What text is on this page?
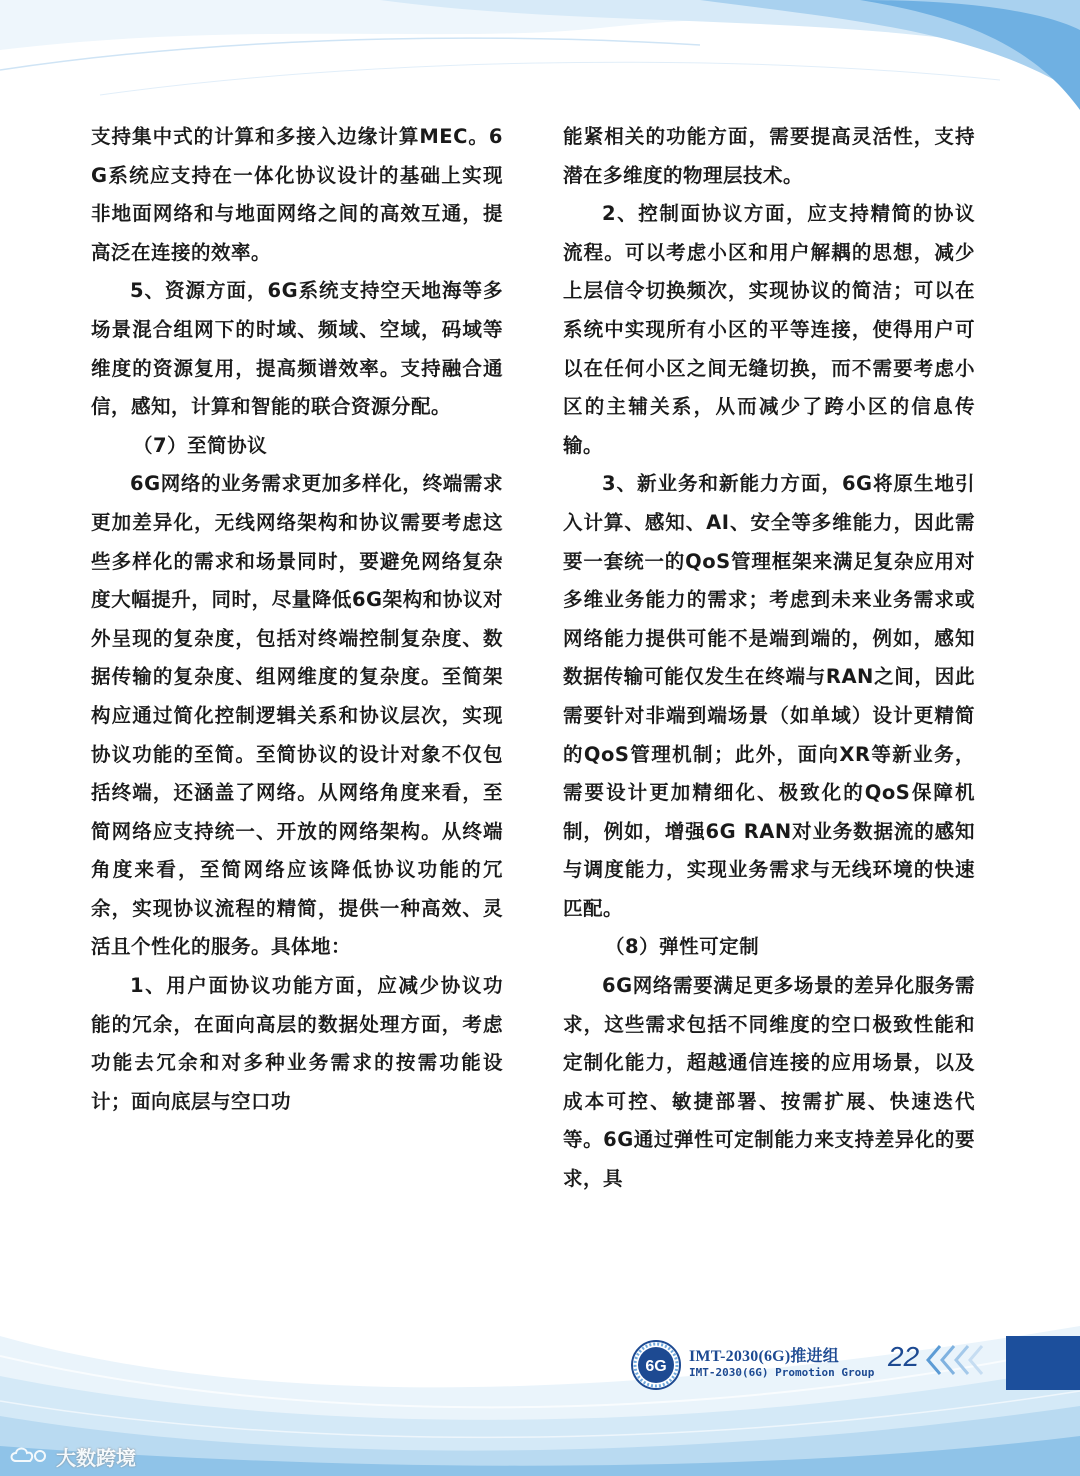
支持集中式的计算和多接入边缘计算MEC。6G系统应支持在一体化协议设计的基础上实现非地面网络和与地面网络之间的高效互通，提高泛在连接的效率。

5、资源方面，6G系统支持空天地海等多场景混合组网下的时域、频域、空域，码域等维度的资源复用，提高频谱效率。支持融合通信，感知，计算和智能的联合资源分配。

（7）至简协议

6G网络的业务需求更加多样化，终端需求更加差异化，无线网络架构和协议需要考虑这些多样化的需求和场景同时，要避免网络复杂度大幅提升，同时，尽量降低6G架构和协议对外呈现的复杂度，包括对终端控制复杂度、数据传输的复杂度、组网维度的复杂度。至简架构应通过简化控制逻辑关系和协议层次，实现协议功能的至简。至简协议的设计对象不仅包括终端，还涵盖了网络。从网络角度来看，至简网络应支持统一、开放的网络架构。从终端角度来看，至简网络应该降低协议功能的冗余，实现协议流程的精简，提供一种高效、灵活且个性化的服务。具体地：

1、用户面协议功能方面，应减少协议功能的冗余，在面向高层的数据处理方面，考虑功能去冗余和对多种业务需求的按需功能设计；面向底层与空口功

能紧相关的功能方面，需要提高灵活性，支持潜在多维度的物理层技术。

2、控制面协议方面，应支持精简的协议流程。可以考虑小区和用户解耦的思想，减少上层信令切换频次，实现协议的简洁；可以在系统中实现所有小区的平等连接，使得用户可以在任何小区之间无缝切换，而不需要考虑小区的主辅关系，从而减少了跨小区的信息传输。

3、新业务和新能力方面，6G将原生地引入计算、感知、AI、安全等多维能力，因此需要一套统一的QoS管理框架来满足复杂应用对多维业务能力的需求；考虑到未来业务需求或网络能力提供可能不是端到端的，例如，感知数据传输可能仅发生在终端与RAN之间，因此需要针对非端到端场景（如单域）设计更精简的QoS管理机制；此外，面向XR等新业务，需要设计更加精细化、极致化的QoS保障机制，例如，增强6G RAN对业务数据流的感知与调度能力，实现业务需求与无线环境的快速匹配。

（8）弹性可定制

6G网络需要满足更多场景的差异化服务需求，这些需求包括不同维度的空口极致性能和定制化能力，超越通信连接的应用场景，以及成本可控、敏捷部署、按需扩展、快速迭代等。6G通过弹性可定制能力来支持差异化的要求，具

6G
IMT-2030(6G)推进组
IMT-2030(6G) Promotion Group
22
大数跨境
